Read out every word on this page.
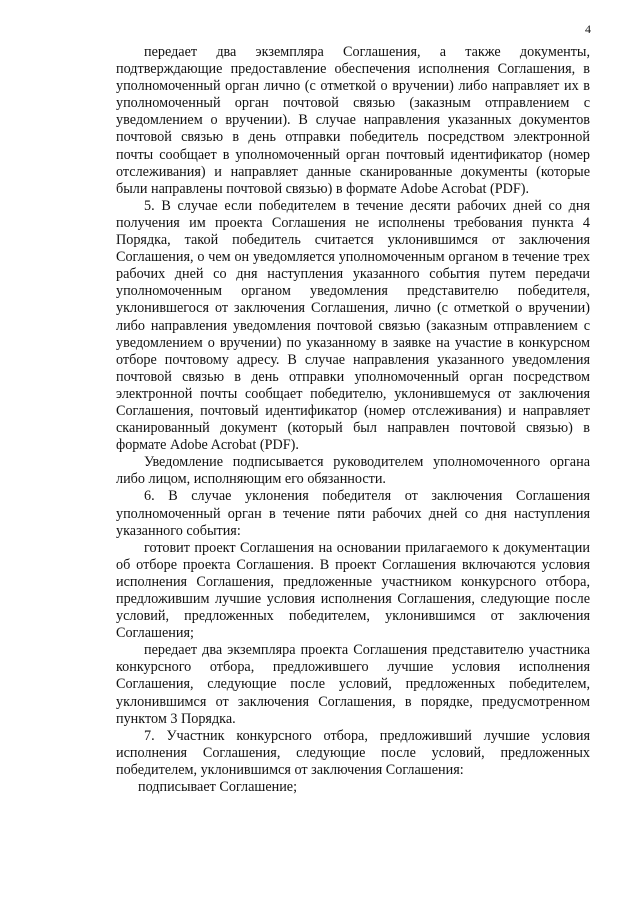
4

передает два экземпляра Соглашения, а также документы, подтверждающие предоставление обеспечения исполнения Соглашения, в уполномоченный орган лично (с отметкой о вручении) либо направляет их в уполномоченный орган почтовой связью (заказным отправлением с уведомлением о вручении). В случае направления указанных документов почтовой связью в день отправки победитель посредством электронной почты сообщает в уполномоченный орган почтовый идентификатор (номер отслеживания) и направляет данные сканированные документы (которые были направлены почтовой связью) в формате Adobe Acrobat (PDF).

5. В случае если победителем в течение десяти рабочих дней со дня получения им проекта Соглашения не исполнены требования пункта 4 Порядка, такой победитель считается уклонившимся от заключения Соглашения, о чем он уведомляется уполномоченным органом в течение трех рабочих дней со дня наступления указанного события путем передачи уполномоченным органом уведомления представителю победителя, уклонившегося от заключения Соглашения, лично (с отметкой о вручении) либо направления уведомления почтовой связью (заказным отправлением с уведомлением о вручении) по указанному в заявке на участие в конкурсном отборе почтовому адресу. В случае направления указанного уведомления почтовой связью в день отправки уполномоченный орган посредством электронной почты сообщает победителю, уклонившемуся от заключения Соглашения, почтовый идентификатор (номер отслеживания) и направляет сканированный документ (который был направлен почтовой связью) в формате Adobe Acrobat (PDF).

Уведомление подписывается руководителем уполномоченного органа либо лицом, исполняющим его обязанности.

6. В случае уклонения победителя от заключения Соглашения уполномоченный орган в течение пяти рабочих дней со дня наступления указанного события:

готовит проект Соглашения на основании прилагаемого к документации об отборе проекта Соглашения. В проект Соглашения включаются условия исполнения Соглашения, предложенные участником конкурсного отбора, предложившим лучшие условия исполнения Соглашения, следующие после условий, предложенных победителем, уклонившимся от заключения Соглашения;

передает два экземпляра проекта Соглашения представителю участника конкурсного отбора, предложившего лучшие условия исполнения Соглашения, следующие после условий, предложенных победителем, уклонившимся от заключения Соглашения, в порядке, предусмотренном пунктом 3 Порядка.

7. Участник конкурсного отбора, предложивший лучшие условия исполнения Соглашения, следующие после условий, предложенных победителем, уклонившимся от заключения Соглашения:

подписывает Соглашение;
